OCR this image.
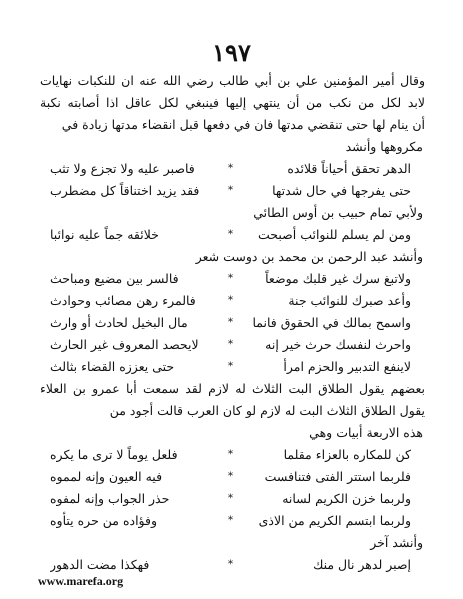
١٩٧
وقال أمير المؤمنين علي بن أبي طالب رضي الله عنه ان للنكبات نهايات
لابد لكل من نكب من أن ينتهي إليها فينبغي لكل عاقل اذا أصابته نكبة
أن ينام لها حتى تنقضي مدتها فان في دفعها قبل انقضاء مدتها زيادة في
مكروهها وأنشد
الدهر تحقق أحياناً قلائده
*
فاصبر عليه ولا تجزع ولا تثب
حتى يفرجها في حال شدتها
*
فقد يزيد اختناقاً كل مضطرب
ولأبي تمام حبيب بن أوس الطائي
ومن لم يسلم للنوائب أصبحت
*
خلائقه جماً عليه نوائبا
وأنشد عبد الرحمن بن محمد بن دوست شعر
ولاتبغ سرك غير قلبك موضعاً
*
فالسر بين مضيع ومباحث
وأعد صبرك للنوائب جنة
*
فالمرء رهن مصائب وحوادث
واسمح بمالك في الحقوق فانما
*
مال البخيل لحادث أو وارث
واحرث لنفسك حرث خير إنه
*
لايحصد المعروف غير الحارث
لاينفع التدبير والحزم امرأ
*
حتى يعززه القضاء بثالث
بعضهم يقول الطلاق البت الثلاث له لازم لقد سمعت أبا عمرو بن العلاء
يقول الطلاق الثلاث البت له لازم لو كان العرب قالت أجود من
هذه الاربعة أبيات وهي
كن للمكاره بالعزاء مقلما
*
فلعل يوماً لا ترى ما يكره
فلربما استتر الفتى فتنافست
*
فيه العيون وإنه لمموه
ولربما خزن الكريم لسانه
*
حذر الجواب وإنه لمفوه
ولربما ابتسم الكريم من الاذى
*
وفؤاده من حره يتأوه
وأنشد آخر
إصبر لدهر نال منك
*
فهكذا مضت الدهور
www.marefa.org
